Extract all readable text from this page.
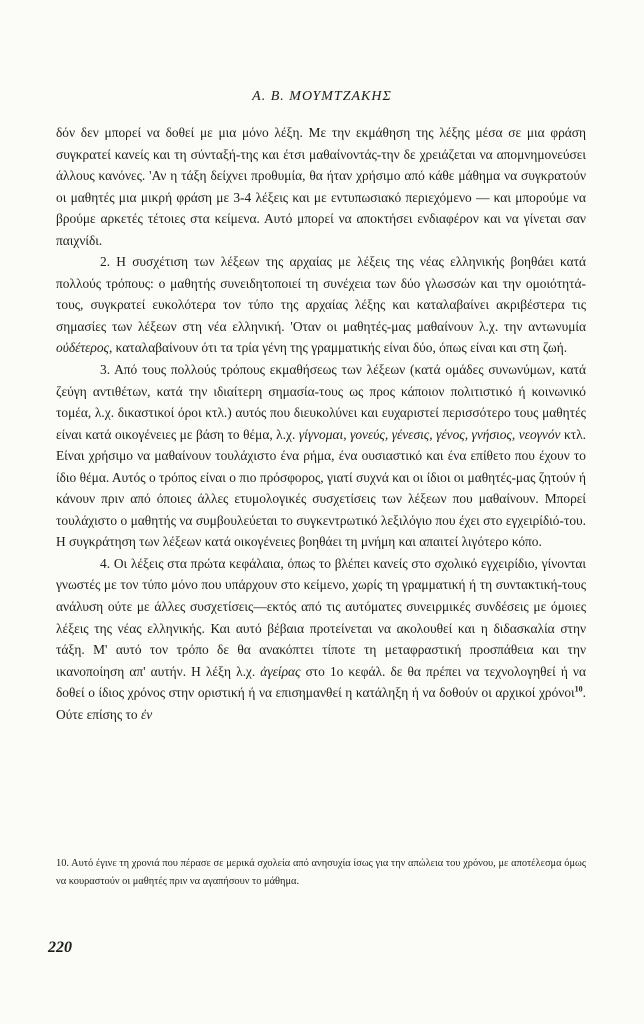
Α. Β. ΜΟΥΜΤΖΑΚΗΣ

δόν δεν μπορεί να δοθεί με μια μόνο λέξη. Με την εκμάθηση της λέξης μέσα σε μια φράση συγκρατεί κανείς και τη σύνταξή-της και έτσι μαθαίνοντάς-την δε χρειάζεται να απομνημονεύσει άλλους κανόνες. 'Αν η τάξη δείχνει προθυμία, θα ήταν χρήσιμο από κάθε μάθημα να συγκρατούν οι μαθητές μια μικρή φράση με 3-4 λέξεις και με εντυπωσιακό περιεχόμενο — και μπορούμε να βρούμε αρκετές τέτοιες στα κείμενα. Αυτό μπορεί να αποκτήσει ενδιαφέρον και να γίνεται σαν παιχνίδι.

2. Η συσχέτιση των λέξεων της αρχαίας με λέξεις της νέας ελληνικής βοηθάει κατά πολλούς τρόπους: ο μαθητής συνειδητοποιεί τη συνέχεια των δύο γλωσσών και την ομοιότητά-τους, συγκρατεί ευκολότερα τον τύπο της αρχαίας λέξης και καταλαβαίνει ακριβέστερα τις σημασίες των λέξεων στη νέα ελληνική. 'Οταν οι μαθητές-μας μαθαίνουν λ.χ. την αντωνυμία οὐδέτερος, καταλαβαίνουν ότι τα τρία γένη της γραμματικής είναι δύο, όπως είναι και στη ζωή.

3. Από τους πολλούς τρόπους εκμαθήσεως των λέξεων (κατά ομάδες συνωνύμων, κατά ζεύγη αντιθέτων, κατά την ιδιαίτερη σημασία-τους ως προς κάποιον πολιτιστικό ή κοινωνικό τομέα, λ.χ. δικαστικοί όροι κτλ.) αυτός που διευκολύνει και ευχαριστεί περισσότερο τους μαθητές είναι κατά οικογένειες με βάση το θέμα, λ.χ. γίγνομαι, γονεύς, γένεσις, γένος, γνήσιος, νεογνόν κτλ. Είναι χρήσιμο να μαθαίνουν τουλάχιστο ένα ρήμα, ένα ουσιαστικό και ένα επίθετο που έχουν το ίδιο θέμα. Αυτός ο τρόπος είναι ο πιο πρόσφορος, γιατί συχνά και οι ίδιοι οι μαθητές-μας ζητούν ή κάνουν πριν από όποιες άλλες ετυμολογικές συσχετίσεις των λέξεων που μαθαίνουν. Μπορεί τουλάχιστο ο μαθητής να συμβουλεύεται το συγκεντρωτικό λεξιλόγιο που έχει στο εγχειρίδιό-του. Η συγκράτηση των λέξεων κατά οικογένειες βοηθάει τη μνήμη και απαιτεί λιγότερο κόπο.

4. Οι λέξεις στα πρώτα κεφάλαια, όπως το βλέπει κανείς στο σχολικό εγχειρίδιο, γίνονται γνωστές με τον τύπο μόνο που υπάρχουν στο κείμενο, χωρίς τη γραμματική ή τη συντακτική-τους ανάλυση ούτε με άλλες συσχετίσεις—εκτός από τις αυτόματες συνειρμικές συνδέσεις με όμοιες λέξεις της νέας ελληνικής. Και αυτό βέβαια προτείνεται να ακολουθεί και η διδασκαλία στην τάξη. Μ' αυτό τον τρόπο δε θα ανακόπτει τίποτε τη μεταφραστική προσπάθεια και την ικανοποίηση απ' αυτήν. Η λέξη λ.χ. ἀγείρας στο 1ο κεφάλ. δε θα πρέπει να τεχνολογηθεί ή να δοθεί ο ίδιος χρόνος στην οριστική ή να επισημανθεί η κατάληξη ή να δοθούν οι αρχικοί χρόνοι$^{10}$. Ούτε επίσης το ἐν

10. Αυτό έγινε τη χρονιά που πέρασε σε μερικά σχολεία από ανησυχία ίσως για την απώλεια του χρόνου, με αποτέλεσμα όμως να κουραστούν οι μαθητές πριν να αγαπήσουν το μάθημα.

220
